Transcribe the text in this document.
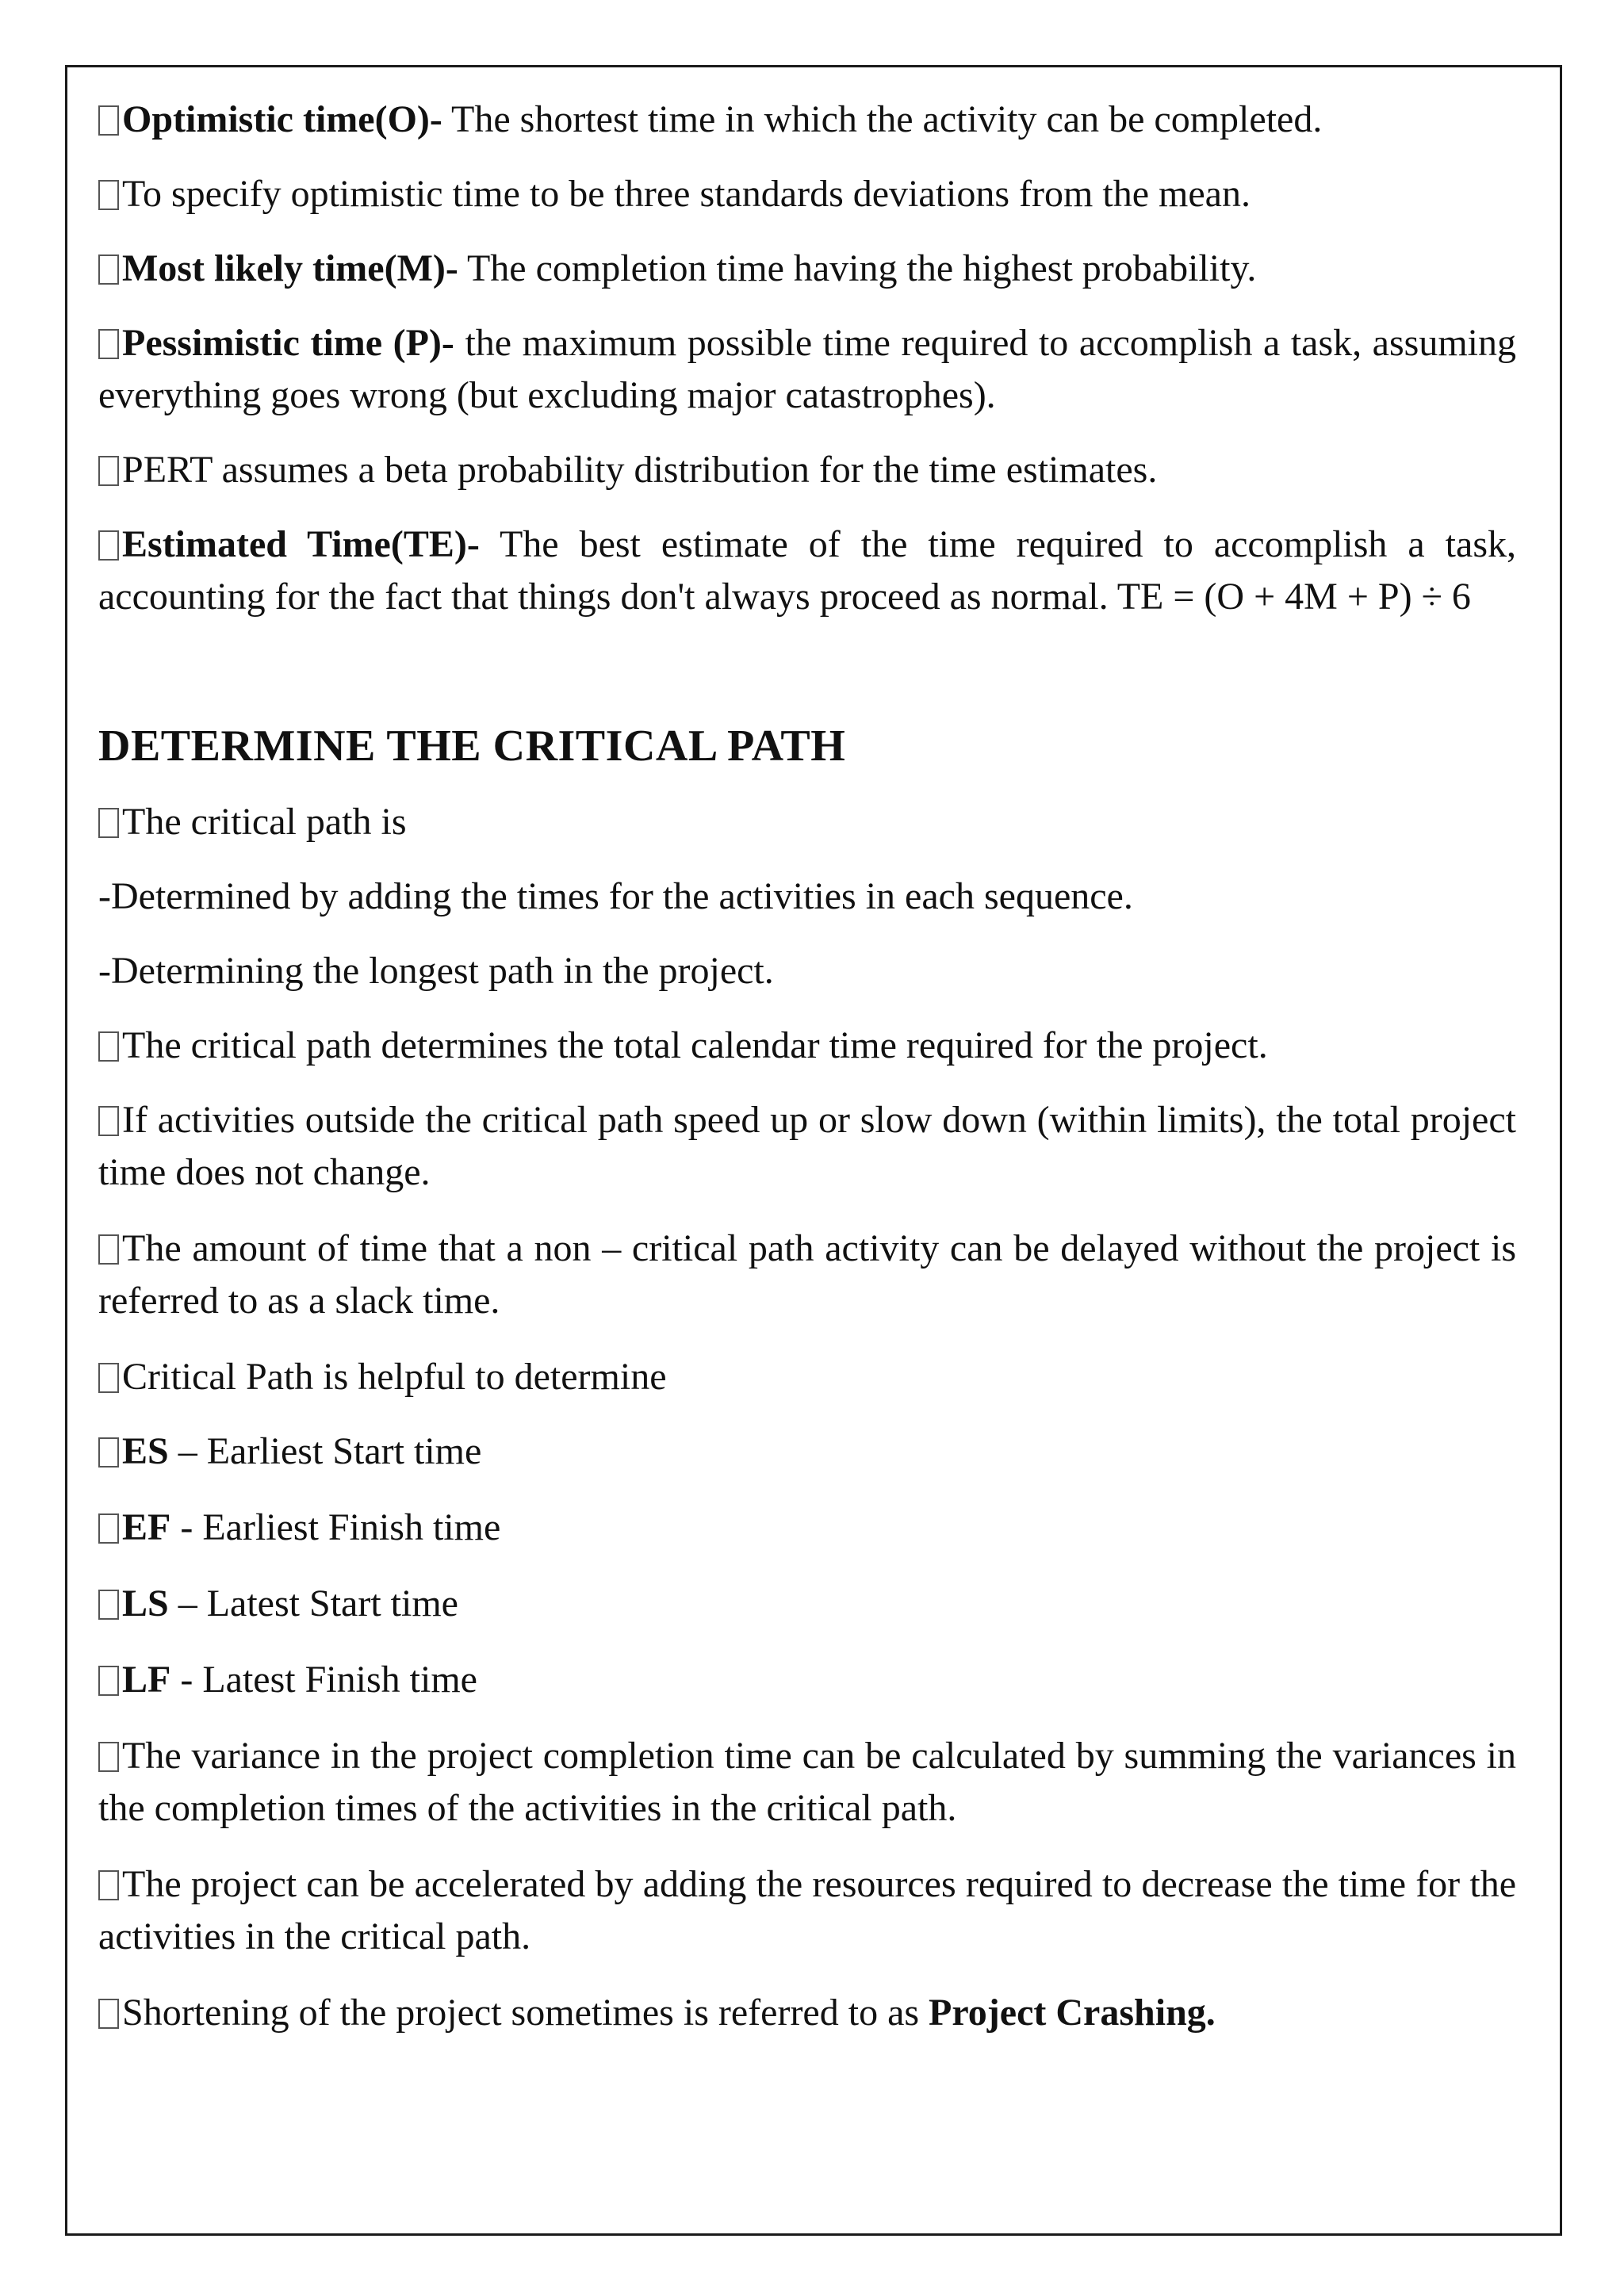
Optimistic time(O)- The shortest time in which the activity can be completed.

To specify optimistic time to be three standards deviations from the mean.

Most likely time(M)- The completion time having the highest probability.

Pessimistic time (P)- the maximum possible time required to accomplish a task, assuming everything goes wrong (but excluding major catastrophes).

PERT assumes a beta probability distribution for the time estimates.

Estimated Time(TE)- The best estimate of the time required to accomplish a task, accounting for the fact that things don't always proceed as normal. TE = (O + 4M + P) ÷ 6

DETERMINE THE CRITICAL PATH

The critical path is

-Determined by adding the times for the activities in each sequence.

-Determining the longest path in the project.

The critical path determines the total calendar time required for the project.

If activities outside the critical path speed up or slow down (within limits), the total project time does not change.

The amount of time that a non – critical path activity can be delayed without the project is referred to as a slack time.

Critical Path is helpful to determine

ES – Earliest Start time

EF - Earliest Finish time

LS – Latest Start time

LF - Latest Finish time

The variance in the project completion time can be calculated by summing the variances in the completion times of the activities in the critical path.

The project can be accelerated by adding the resources required to decrease the time for the activities in the critical path.

Shortening of the project sometimes is referred to as Project Crashing.
